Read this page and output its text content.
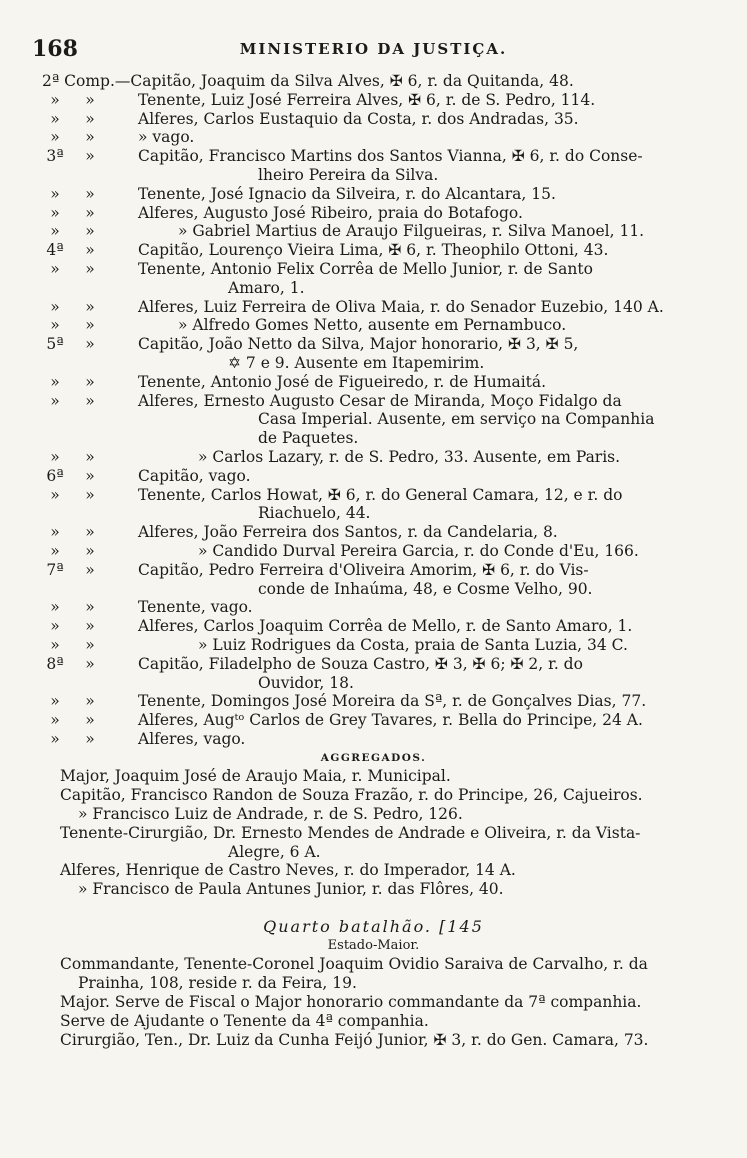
168	MINISTERIO DA JUSTIÇA.
2ª Comp.—Capitão, Joaquim da Silva Alves, ✠ 6, r. da Quitanda, 48.
»	»	Tenente, Luiz José Ferreira Alves, ✠ 6, r. de S. Pedro, 114.
»	»	Alferes, Carlos Eustaquio da Costa, r. dos Andradas, 35.
»	»	» vago.
3ª	»	Capitão, Francisco Martins dos Santos Vianna, ✠ 6, r. do Conse-
lheiro Pereira da Silva.
»	»	Tenente, José Ignacio da Silveira, r. do Alcantara, 15.
»	»	Alferes, Augusto José Ribeiro, praia do Botafogo.
»	»	» Gabriel Martius de Araujo Filgueiras, r. Silva Manoel, 11.
4ª	»	Capitão, Lourenço Vieira Lima, ✠ 6, r. Theophilo Ottoni, 43.
»	»	Tenente, Antonio Felix Corrêa de Mello Junior, r. de Santo
Amaro, 1.
»	»	Alferes, Luiz Ferreira de Oliva Maia, r. do Senador Euzebio, 140 A.
»	»	» Alfredo Gomes Netto, ausente em Pernambuco.
5ª	»	Capitão, João Netto da Silva, Major honorario, ✠ 3, ✠ 5,
✡ 7 e 9. Ausente em Itapemirim.
»	»	Tenente, Antonio José de Figueiredo, r. de Humaitá.
»	»	Alferes, Ernesto Augusto Cesar de Miranda, Moço Fidalgo da
Casa Imperial. Ausente, em serviço na Companhia
de Paquetes.
»	»	» Carlos Lazary, r. de S. Pedro, 33. Ausente, em Paris.
6ª	»	Capitão, vago.
»	»	Tenente, Carlos Howat, ✠ 6, r. do General Camara, 12, e r. do
Riachuelo, 44.
»	»	Alferes, João Ferreira dos Santos, r. da Candelaria, 8.
»	»	» Candido Durval Pereira Garcia, r. do Conde d'Eu, 166.
7ª	»	Capitão, Pedro Ferreira d'Oliveira Amorim, ✠ 6, r. do Vis-
conde de Inhaúma, 48, e Cosme Velho, 90.
»	»	Tenente, vago.
»	»	Alferes, Carlos Joaquim Corrêa de Mello, r. de Santo Amaro, 1.
»	»	» Luiz Rodrigues da Costa, praia de Santa Luzia, 34 C.
8ª	»	Capitão, Filadelpho de Souza Castro, ✠ 3, ✠ 6; ✠ 2, r. do
Ouvidor, 18.
»	»	Tenente, Domingos José Moreira da Sª, r. de Gonçalves Dias, 77.
»	»	Alferes, Augᵗᵒ Carlos de Grey Tavares, r. Bella do Principe, 24 A.
»	»	Alferes, vago.
AGGREGADOS.
Major, Joaquim José de Araujo Maia, r. Municipal.
Capitão, Francisco Randon de Souza Frazão, r. do Principe, 26, Cajueiros.
» Francisco Luiz de Andrade, r. de S. Pedro, 126.
Tenente-Cirurgião, Dr. Ernesto Mendes de Andrade e Oliveira, r. da Vista-
Alegre, 6 A.
Alferes, Henrique de Castro Neves, r. do Imperador, 14 A.
» Francisco de Paula Antunes Junior, r. das Flôres, 40.
Quarto batalhão. [145
Estado-Maior.
Commandante, Tenente-Coronel Joaquim Ovidio Saraiva de Carvalho, r. da
Prainha, 108, reside r. da Feira, 19.
Major. Serve de Fiscal o Major honorario commandante da 7ª companhia.
Serve de Ajudante o Tenente da 4ª companhia.
Cirurgião, Ten., Dr. Luiz da Cunha Feijó Junior, ✠ 3, r. do Gen. Camara, 73.
